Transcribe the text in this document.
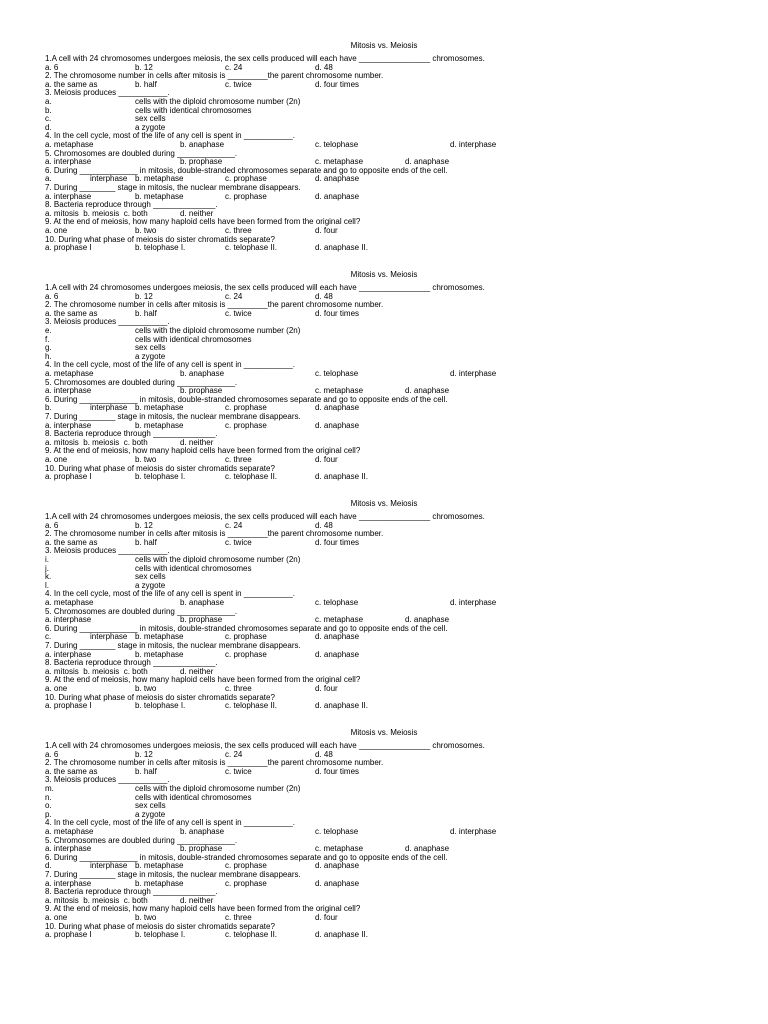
Mitosis vs. Meiosis
1.A cell with 24 chromosomes undergoes meiosis, the sex cells produced will each have ________________ chromosomes.
a. 6	b. 12	c. 24	d. 48
2. The chromosome number in cells after mitosis is _________the parent chromosome number.
a. the same as	b. half	c. twice	d. four times
3. Meiosis produces ___________.
a.	cells with the diploid chromosome number (2n)
b.	cells with identical chromosomes
c.	sex cells
d.	a zygote
4. In the cell cycle, most of the life of any cell is spent in ___________.
a. metaphase	b. anaphase	c. telophase	d. interphase
5. Chromosomes are doubled during _____________.
a. interphase	b. prophase	c. metaphase	d. anaphase
6. During _____________ in mitosis, double-stranded chromosomes separate and go to opposite ends of the cell.
a.	interphase b. metaphase	c. prophase	d. anaphase
7. During ________ stage in mitosis, the nuclear membrane disappears.
a. interphase	b. metaphase	c. prophase	d. anaphase
8. Bacteria reproduce through ______________.
a. mitosis  b. meiosis  c. both	d. neither
9. At the end of meiosis, how many haploid cells have been formed from the original cell?
a. one	b. two	c. three	d. four
10. During what phase of meiosis do sister chromatids separate?
a. prophase I	b. telophase I.	c. telophase II.	d. anaphase II.
Mitosis vs. Meiosis
1.A cell with 24 chromosomes undergoes meiosis, the sex cells produced will each have ________________ chromosomes.
a. 6	b. 12	c. 24	d. 48
2. The chromosome number in cells after mitosis is _________the parent chromosome number.
a. the same as	b. half	c. twice	d. four times
3. Meiosis produces ___________.
e.	cells with the diploid chromosome number (2n)
f.	cells with identical chromosomes
g.	sex cells
h.	a zygote
4. In the cell cycle, most of the life of any cell is spent in ___________.
a. metaphase	b. anaphase	c. telophase	d. interphase
5. Chromosomes are doubled during _____________.
a. interphase	b. prophase	c. metaphase	d. anaphase
6. During _____________ in mitosis, double-stranded chromosomes separate and go to opposite ends of the cell.
b.	interphase b. metaphase	c. prophase	d. anaphase
7. During ________ stage in mitosis, the nuclear membrane disappears.
a. interphase	b. metaphase	c. prophase	d. anaphase
8. Bacteria reproduce through ______________.
a. mitosis  b. meiosis  c. both	d. neither
9. At the end of meiosis, how many haploid cells have been formed from the original cell?
a. one	b. two	c. three	d. four
10. During what phase of meiosis do sister chromatids separate?
a. prophase I	b. telophase I.	c. telophase II.	d. anaphase II.
Mitosis vs. Meiosis
1.A cell with 24 chromosomes undergoes meiosis, the sex cells produced will each have ________________ chromosomes.
a. 6	b. 12	c. 24	d. 48
2. The chromosome number in cells after mitosis is _________the parent chromosome number.
a. the same as	b. half	c. twice	d. four times
3. Meiosis produces ___________.
i.	cells with the diploid chromosome number (2n)
j.	cells with identical chromosomes
k.	sex cells
l.	a zygote
4. In the cell cycle, most of the life of any cell is spent in ___________.
a. metaphase	b. anaphase	c. telophase	d. interphase
5. Chromosomes are doubled during _____________.
a. interphase	b. prophase	c. metaphase	d. anaphase
6. During _____________ in mitosis, double-stranded chromosomes separate and go to opposite ends of the cell.
c.	interphase b. metaphase	c. prophase	d. anaphase
7. During ________ stage in mitosis, the nuclear membrane disappears.
a. interphase	b. metaphase	c. prophase	d. anaphase
8. Bacteria reproduce through ______________.
a. mitosis  b. meiosis  c. both	d. neither
9. At the end of meiosis, how many haploid cells have been formed from the original cell?
a. one	b. two	c. three	d. four
10. During what phase of meiosis do sister chromatids separate?
a. prophase I	b. telophase I.	c. telophase II.	d. anaphase II.
Mitosis vs. Meiosis
1.A cell with 24 chromosomes undergoes meiosis, the sex cells produced will each have ________________ chromosomes.
a. 6	b. 12	c. 24	d. 48
2. The chromosome number in cells after mitosis is _________the parent chromosome number.
a. the same as	b. half	c. twice	d. four times
3. Meiosis produces ___________.
m.	cells with the diploid chromosome number (2n)
n.	cells with identical chromosomes
o.	sex cells
p.	a zygote
4. In the cell cycle, most of the life of any cell is spent in ___________.
a. metaphase	b. anaphase	c. telophase	d. interphase
5. Chromosomes are doubled during _____________.
a. interphase	b. prophase	c. metaphase	d. anaphase
6. During _____________ in mitosis, double-stranded chromosomes separate and go to opposite ends of the cell.
d.	interphase b. metaphase	c. prophase	d. anaphase
7. During ________ stage in mitosis, the nuclear membrane disappears.
a. interphase	b. metaphase	c. prophase	d. anaphase
8. Bacteria reproduce through ______________.
a. mitosis  b. meiosis  c. both	d. neither
9. At the end of meiosis, how many haploid cells have been formed from the original cell?
a. one	b. two	c. three	d. four
10. During what phase of meiosis do sister chromatids separate?
a. prophase I	b. telophase I.	c. telophase II.	d. anaphase II.
